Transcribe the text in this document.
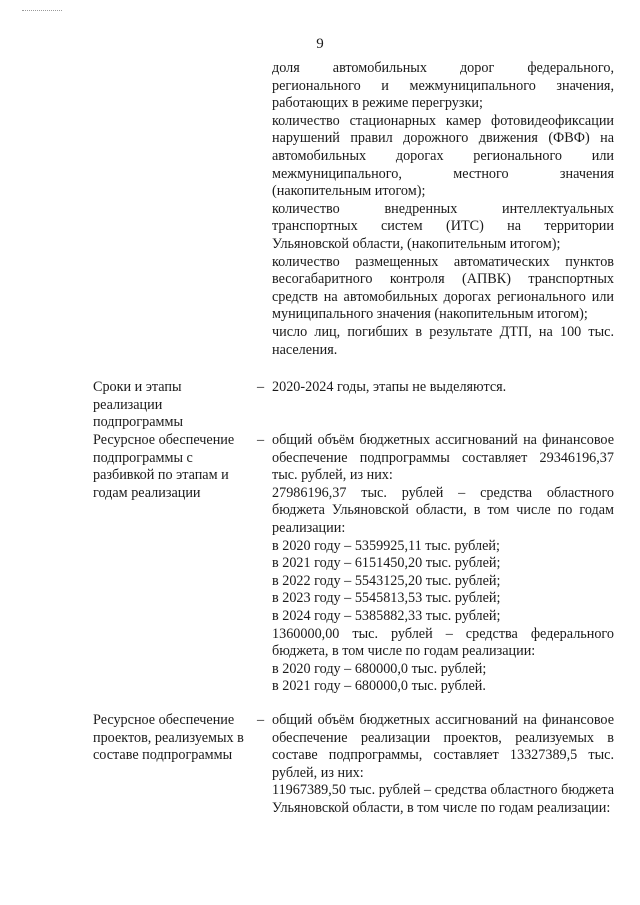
9

доля автомобильных дорог федерального, регионального и межмуниципального значения, работающих в режиме перегрузки;

количество стационарных камер фотовидеофиксации нарушений правил дорожного движения (ФВФ) на автомобильных дорогах регионального или межмуниципального, местного значения (накопительным итогом);

количество внедренных интеллектуальных транспортных систем (ИТС) на территории Ульяновской области, (накопительным итогом);

количество размещенных автоматических пунктов весогабаритного контроля (АПВК) транспортных средств на автомобильных дорогах регионального или муниципального значения (накопительным итогом);

число лиц, погибших в результате ДТП, на 100 тыс. населения.

Сроки и этапы реализации подпрограммы

– 2020-2024 годы, этапы не выделяются.

Ресурсное обеспечение подпрограммы с разбивкой по этапам и годам реализации

– общий объём бюджетных ассигнований на финансовое обеспечение подпрограммы составляет 29346196,37 тыс. рублей, из них:

27986196,37 тыс. рублей – средства областного бюджета Ульяновской области, в том числе по годам реализации:

в 2020 году – 5359925,11 тыс. рублей;

в 2021 году – 6151450,20 тыс. рублей;

в 2022 году – 5543125,20 тыс. рублей;

в 2023 году – 5545813,53 тыс. рублей;

в 2024 году – 5385882,33 тыс. рублей;

1360000,00 тыс. рублей – средства федерального бюджета, в том числе по годам реализации:

в 2020 году – 680000,0 тыс. рублей;

в 2021 году – 680000,0 тыс. рублей.

Ресурсное обеспечение проектов, реализуемых в составе подпрограммы

– общий объём бюджетных ассигнований на финансовое обеспечение реализации проектов, реализуемых в составе подпрограммы, составляет 13327389,5 тыс. рублей, из них:

11967389,50 тыс. рублей – средства областного бюджета Ульяновской области, в том числе по годам реализации:
